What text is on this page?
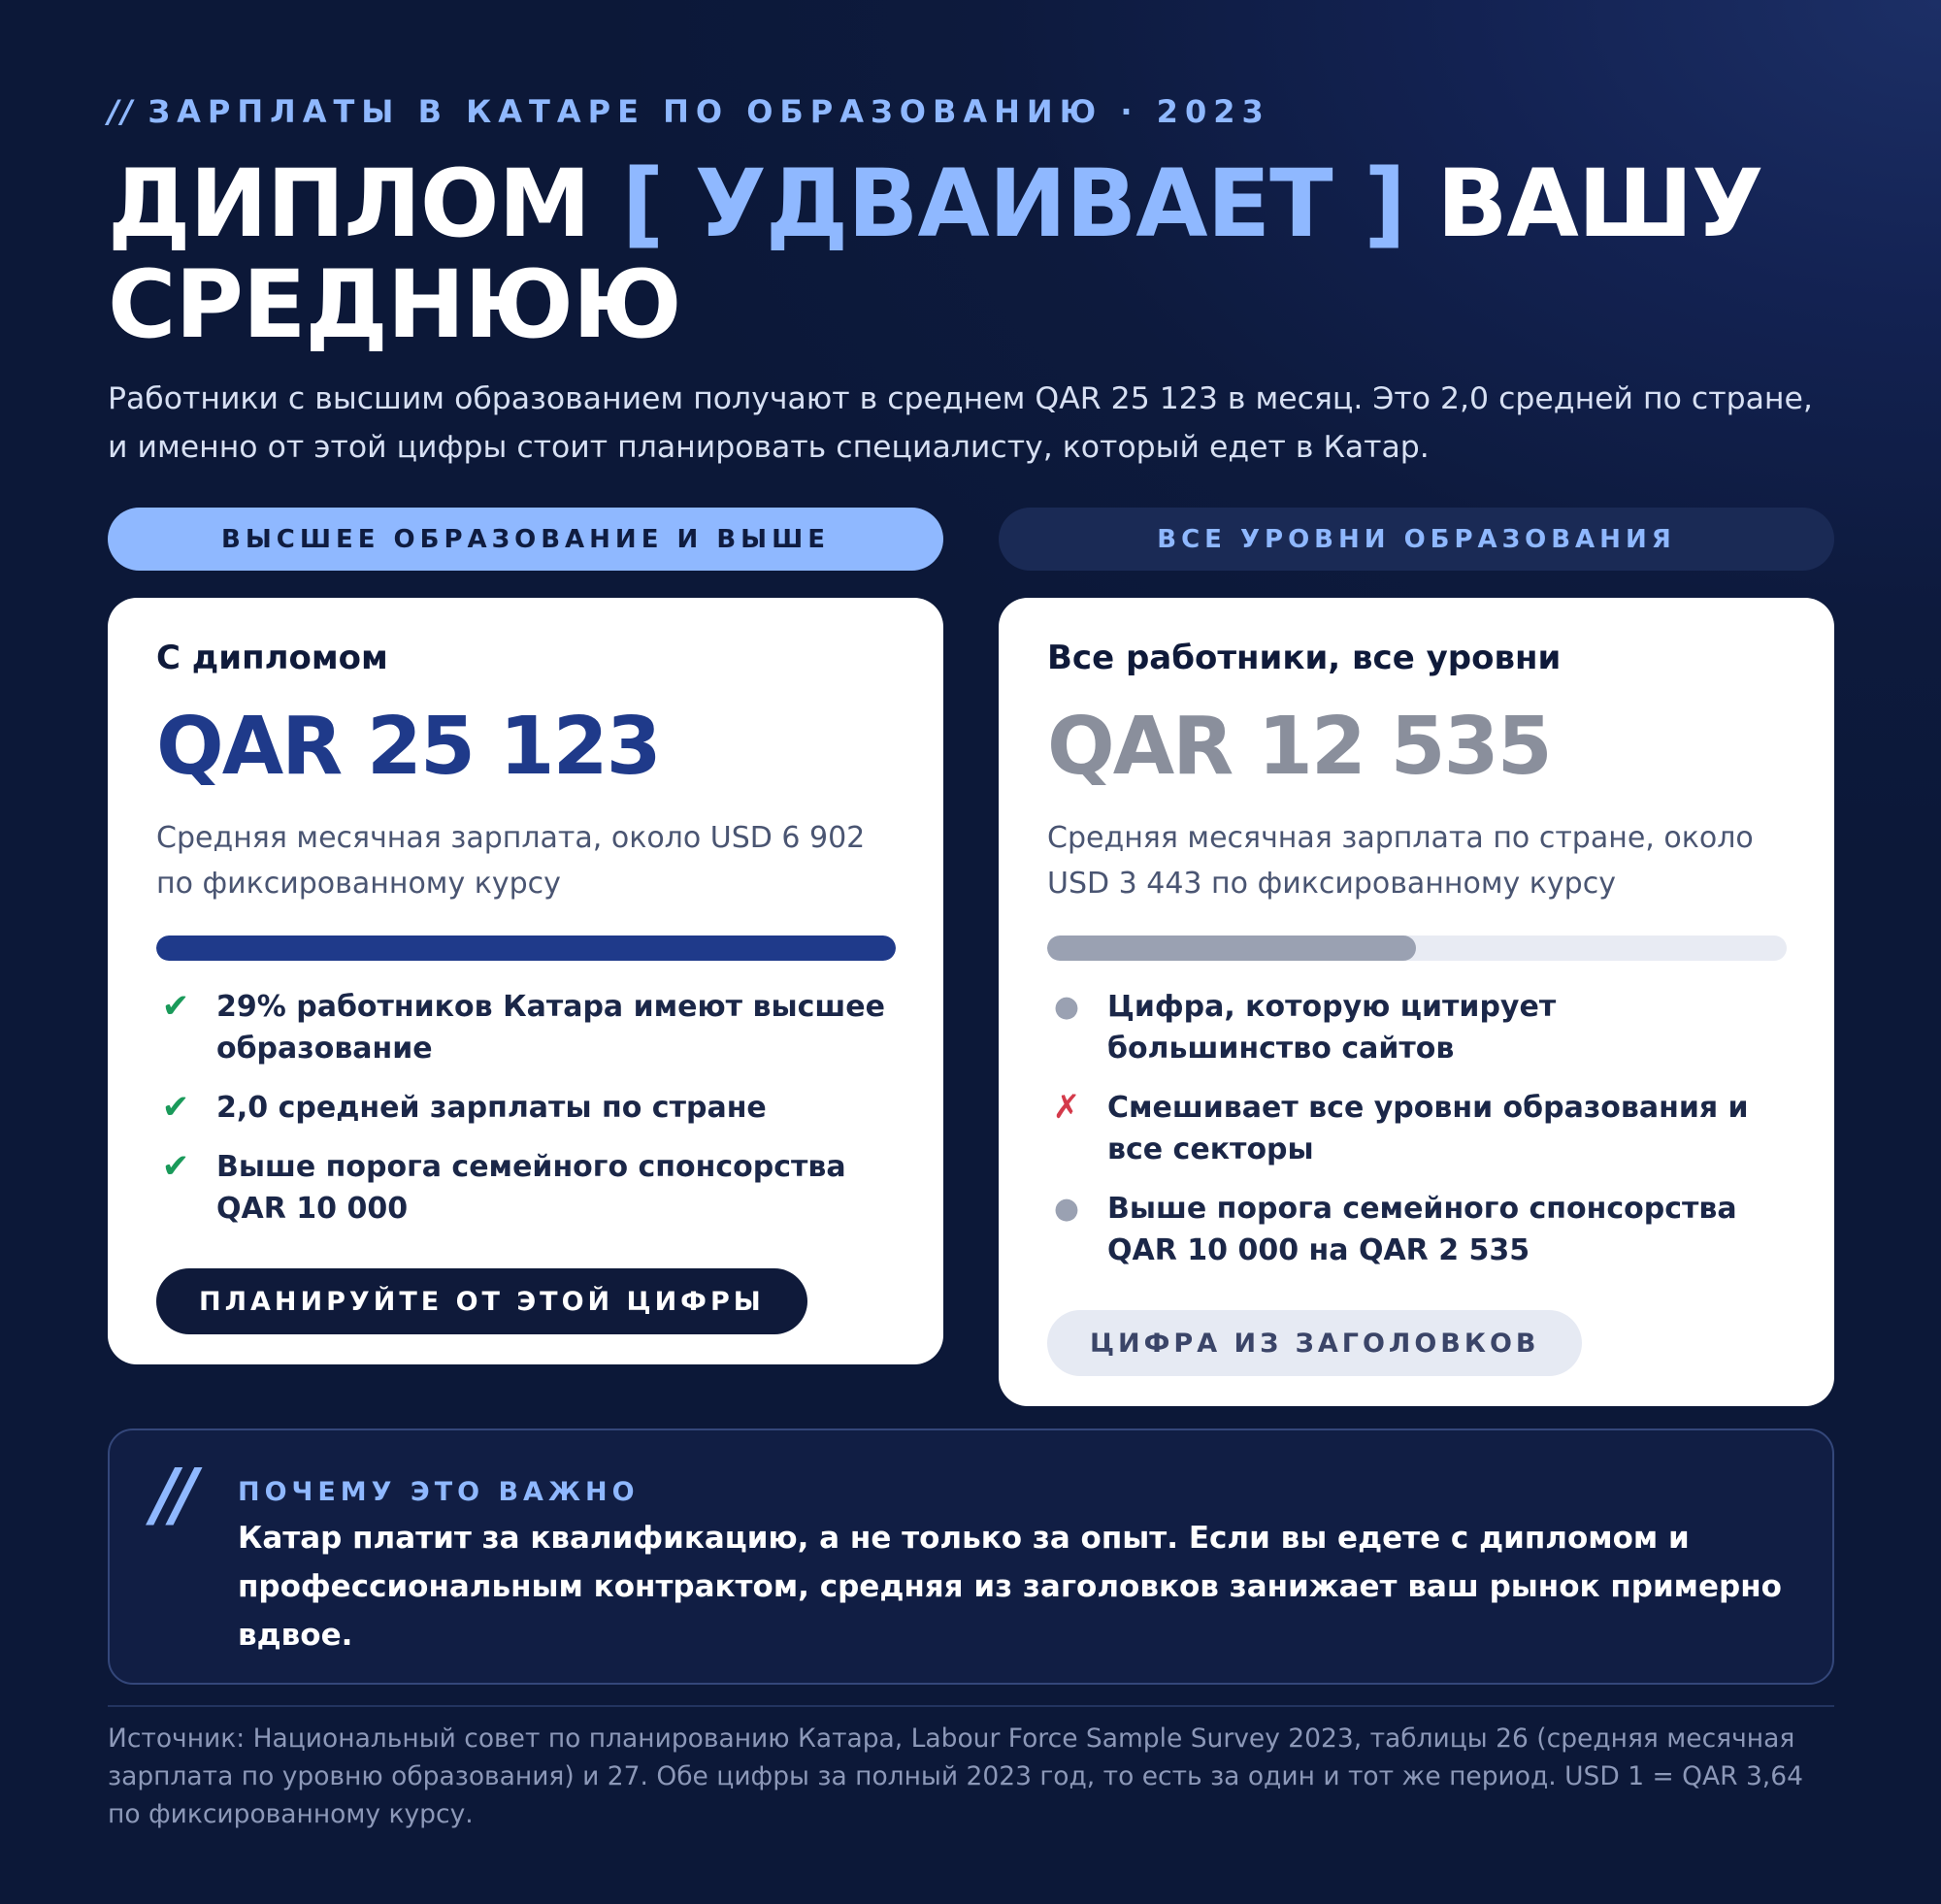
// ЗАРПЛАТЫ В КАТАРЕ ПО ОБРАЗОВАНИЮ · 2023
ДИПЛОМ [ УДВАИВАЕТ ] ВАШУ СРЕДНЮЮ

Работники с высшим образованием получают в среднем QAR 25 123 в месяц. Это 2,0 средней по стране, и именно от этой цифры стоит планировать специалисту, который едет в Катар.

ВЫСШЕЕ ОБРАЗОВАНИЕ И ВЫШЕ	ВСЕ УРОВНИ ОБРАЗОВАНИЯ
С дипломом
QAR 25 123
Средняя месячная зарплата, около USD 6 902 по фиксированному курсу
✔ 29% работников Катара имеют высшее образование
✔ 2,0 средней зарплаты по стране
✔ Выше порога семейного спонсорства QAR 10 000
ПЛАНИРУЙТЕ ОТ ЭТОЙ ЦИФРЫ
Все работники, все уровни
QAR 12 535
Средняя месячная зарплата по стране, около USD 3 443 по фиксированному курсу
● Цифра, которую цитирует большинство сайтов
✗ Смешивает все уровни образования и все секторы
● Выше порога семейного спонсорства QAR 10 000 на QAR 2 535
ЦИФРА ИЗ ЗАГОЛОВКОВ
// ПОЧЕМУ ЭТО ВАЖНО
Катар платит за квалификацию, а не только за опыт. Если вы едете с дипломом и профессиональным контрактом, средняя из заголовков занижает ваш рынок примерно вдвое.

Источник: Национальный совет по планированию Катара, Labour Force Sample Survey 2023, таблицы 26 (средняя месячная зарплата по уровню образования) и 27. Обе цифры за полный 2023 год, то есть за один и тот же период. USD 1 = QAR 3,64 по фиксированному курсу.
